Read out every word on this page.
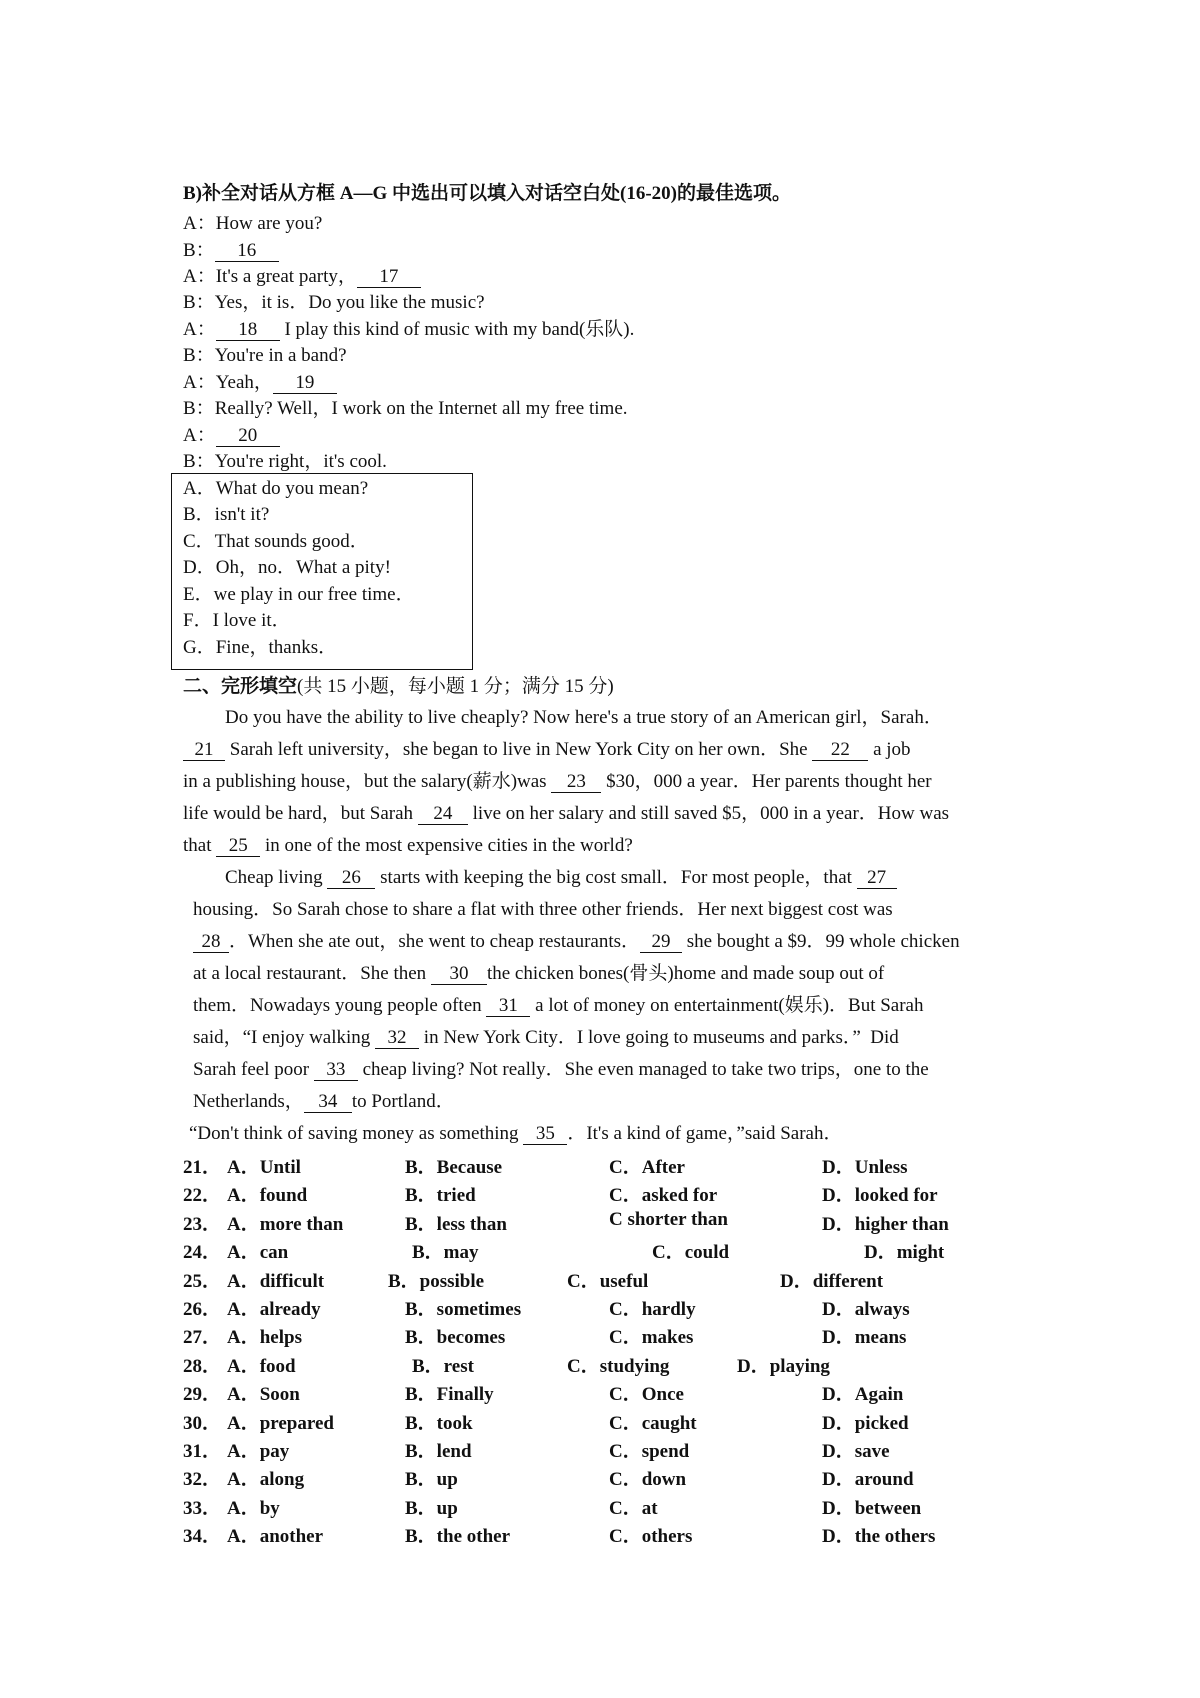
B)补全对话从方框 A—G 中选出可以填入对话空白处(16-20)的最佳选项。
A：How are you?
B： 16
A：It's a great party， 17
B：Yes，it is．Do you like the music?
A： 18 I play this kind of music with my band(乐队).
B：You're in a band?
A：Yeah， 19
B：Really? Well，I work on the Internet all my free time.
A： 20
B：You're right，it's cool.
A．What do you mean?
B．isn't it?
C．That sounds good．
D．Oh，no．What a pity!
E．we play in our free time．
F．I love it．
G．Fine，thanks．
二、完形填空(共 15 小题，每小题 1 分；满分 15 分)
Do you have the ability to live cheaply? Now here's a true story of an American girl，Sarah．
21 Sarah left university，she began to live in New York City on her own．She 22 a job
in a publishing house，but the salary(薪水)was 23 $30，000 a year．Her parents thought her
life would be hard，but Sarah 24 live on her salary and still saved $5，000 in a year．How was
that 25 in one of the most expensive cities in the world?
Cheap living 26 starts with keeping the big cost small．For most people，that 27
housing．So Sarah chose to share a flat with three other friends．Her next biggest cost was
28 ．When she ate out，she went to cheap restaurants． 29 she bought a $9．99 whole chicken
at a local restaurant．She then 30 the chicken bones(骨头)home and made soup out of
them．Nowadays young people often 31 a lot of money on entertainment(娱乐)．But Sarah
said，“I enjoy walking 32 in New York City．I love going to museums and parks．”  Did
Sarah feel poor 33 cheap living? Not really．She even managed to take two trips，one to the
Netherlands， 34 to Portland．
“Don't think of saving money as something 35 ．It's a kind of game，”said Sarah．
21． A．Until	B．Because	C．After	D．Unless
22． A．found	B．tried	C．asked for	D．looked for
23． A．more than	B．less than	C shorter than	D．higher than
24． A．can	B．may	C．could	D．might
25． A．difficult	B．possible	C．useful	D．different
26． A．already	B．sometimes	C．hardly	D．always
27． A．helps	B．becomes	C．makes	D．means
28． A．food	B．rest	C．studying	D．playing
29． A．Soon	B．Finally	C．Once	D．Again
30． A．prepared	B．took	C．caught	D．picked
31． A．pay	B．lend	C．spend	D．save
32． A．along	B．up	C．down	D．around
33． A．by	B．up	C．at	D．between
34． A．another	B．the other	C．others	D．the others
